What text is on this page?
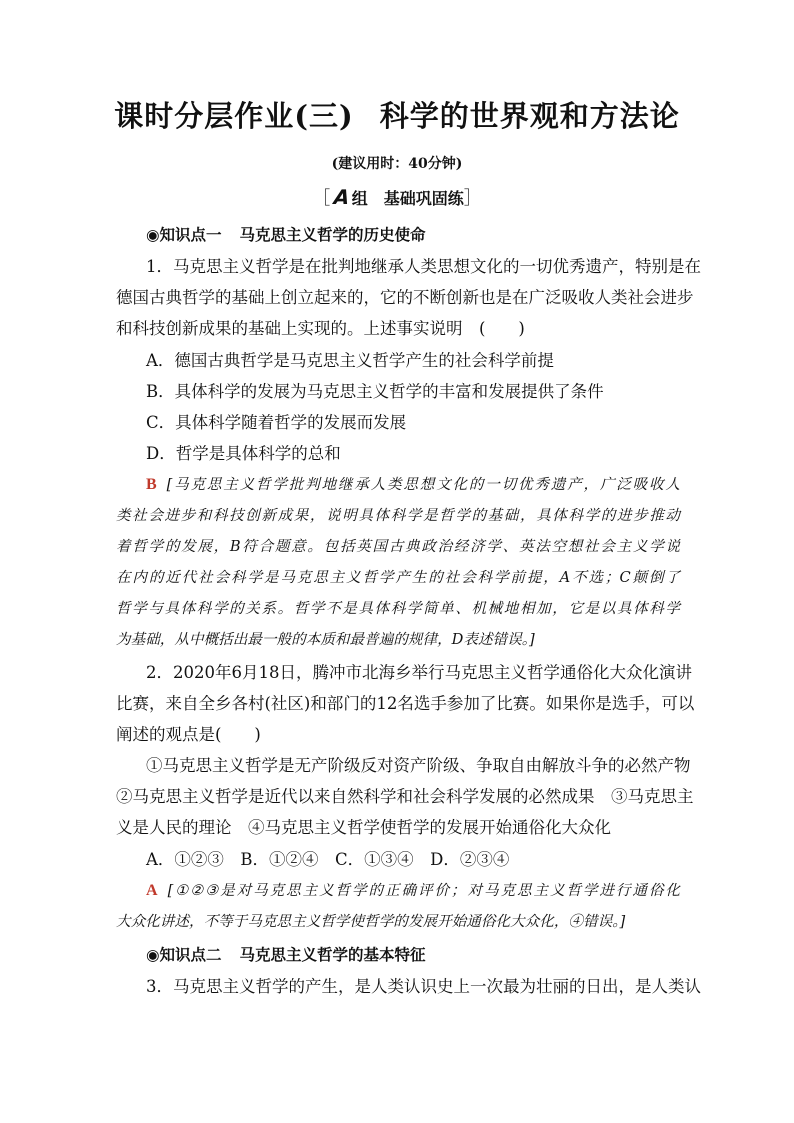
课时分层作业(三) 科学的世界观和方法论
(建议用时：40分钟)
［ A组　基础巩固练］
◉知识点一 马克思主义哲学的历史使命
1．马克思主义哲学是在批判地继承人类思想文化的一切优秀遗产，特别是在
德国古典哲学的基础上创立起来的，它的不断创新也是在广泛吸收人类社会进步
和科技创新成果的基础上实现的。上述事实说明　(　　)
A．德国古典哲学是马克思主义哲学产生的社会科学前提
B．具体科学的发展为马克思主义哲学的丰富和发展提供了条件
C．具体科学随着哲学的发展而发展
D．哲学是具体科学的总和
B [马克思主义哲学批判地继承人类思想文化的一切优秀遗产，广泛吸收人
类社会进步和科技创新成果，说明具体科学是哲学的基础，具体科学的进步推动
着哲学的发展，B符合题意。包括英国古典政治经济学、英法空想社会主义学说
在内的近代社会科学是马克思主义哲学产生的社会科学前提，A不选；C颠倒了
哲学与具体科学的关系。哲学不是具体科学简单、机械地相加，它是以具体科学
为基础，从中概括出最一般的本质和最普遍的规律，D表述错误。]
2．2020年6月18日，腾冲市北海乡举行马克思主义哲学通俗化大众化演讲
比赛，来自全乡各村(社区)和部门的12名选手参加了比赛。如果你是选手，可以
阐述的观点是(　　)
①马克思主义哲学是无产阶级反对资产阶级、争取自由解放斗争的必然产物
②马克思主义哲学是近代以来自然科学和社会科学发展的必然成果　③马克思主
义是人民的理论　④马克思主义哲学使哲学的发展开始通俗化大众化
A．①②③　B．①②④　C．①③④　D．②③④
A [①②③是对马克思主义哲学的正确评价；对马克思主义哲学进行通俗化
大众化讲述，不等于马克思主义哲学使哲学的发展开始通俗化大众化，④错误。]
◉知识点二 马克思主义哲学的基本特征
3．马克思主义哲学的产生，是人类认识史上一次最为壮丽的日出，是人类认
